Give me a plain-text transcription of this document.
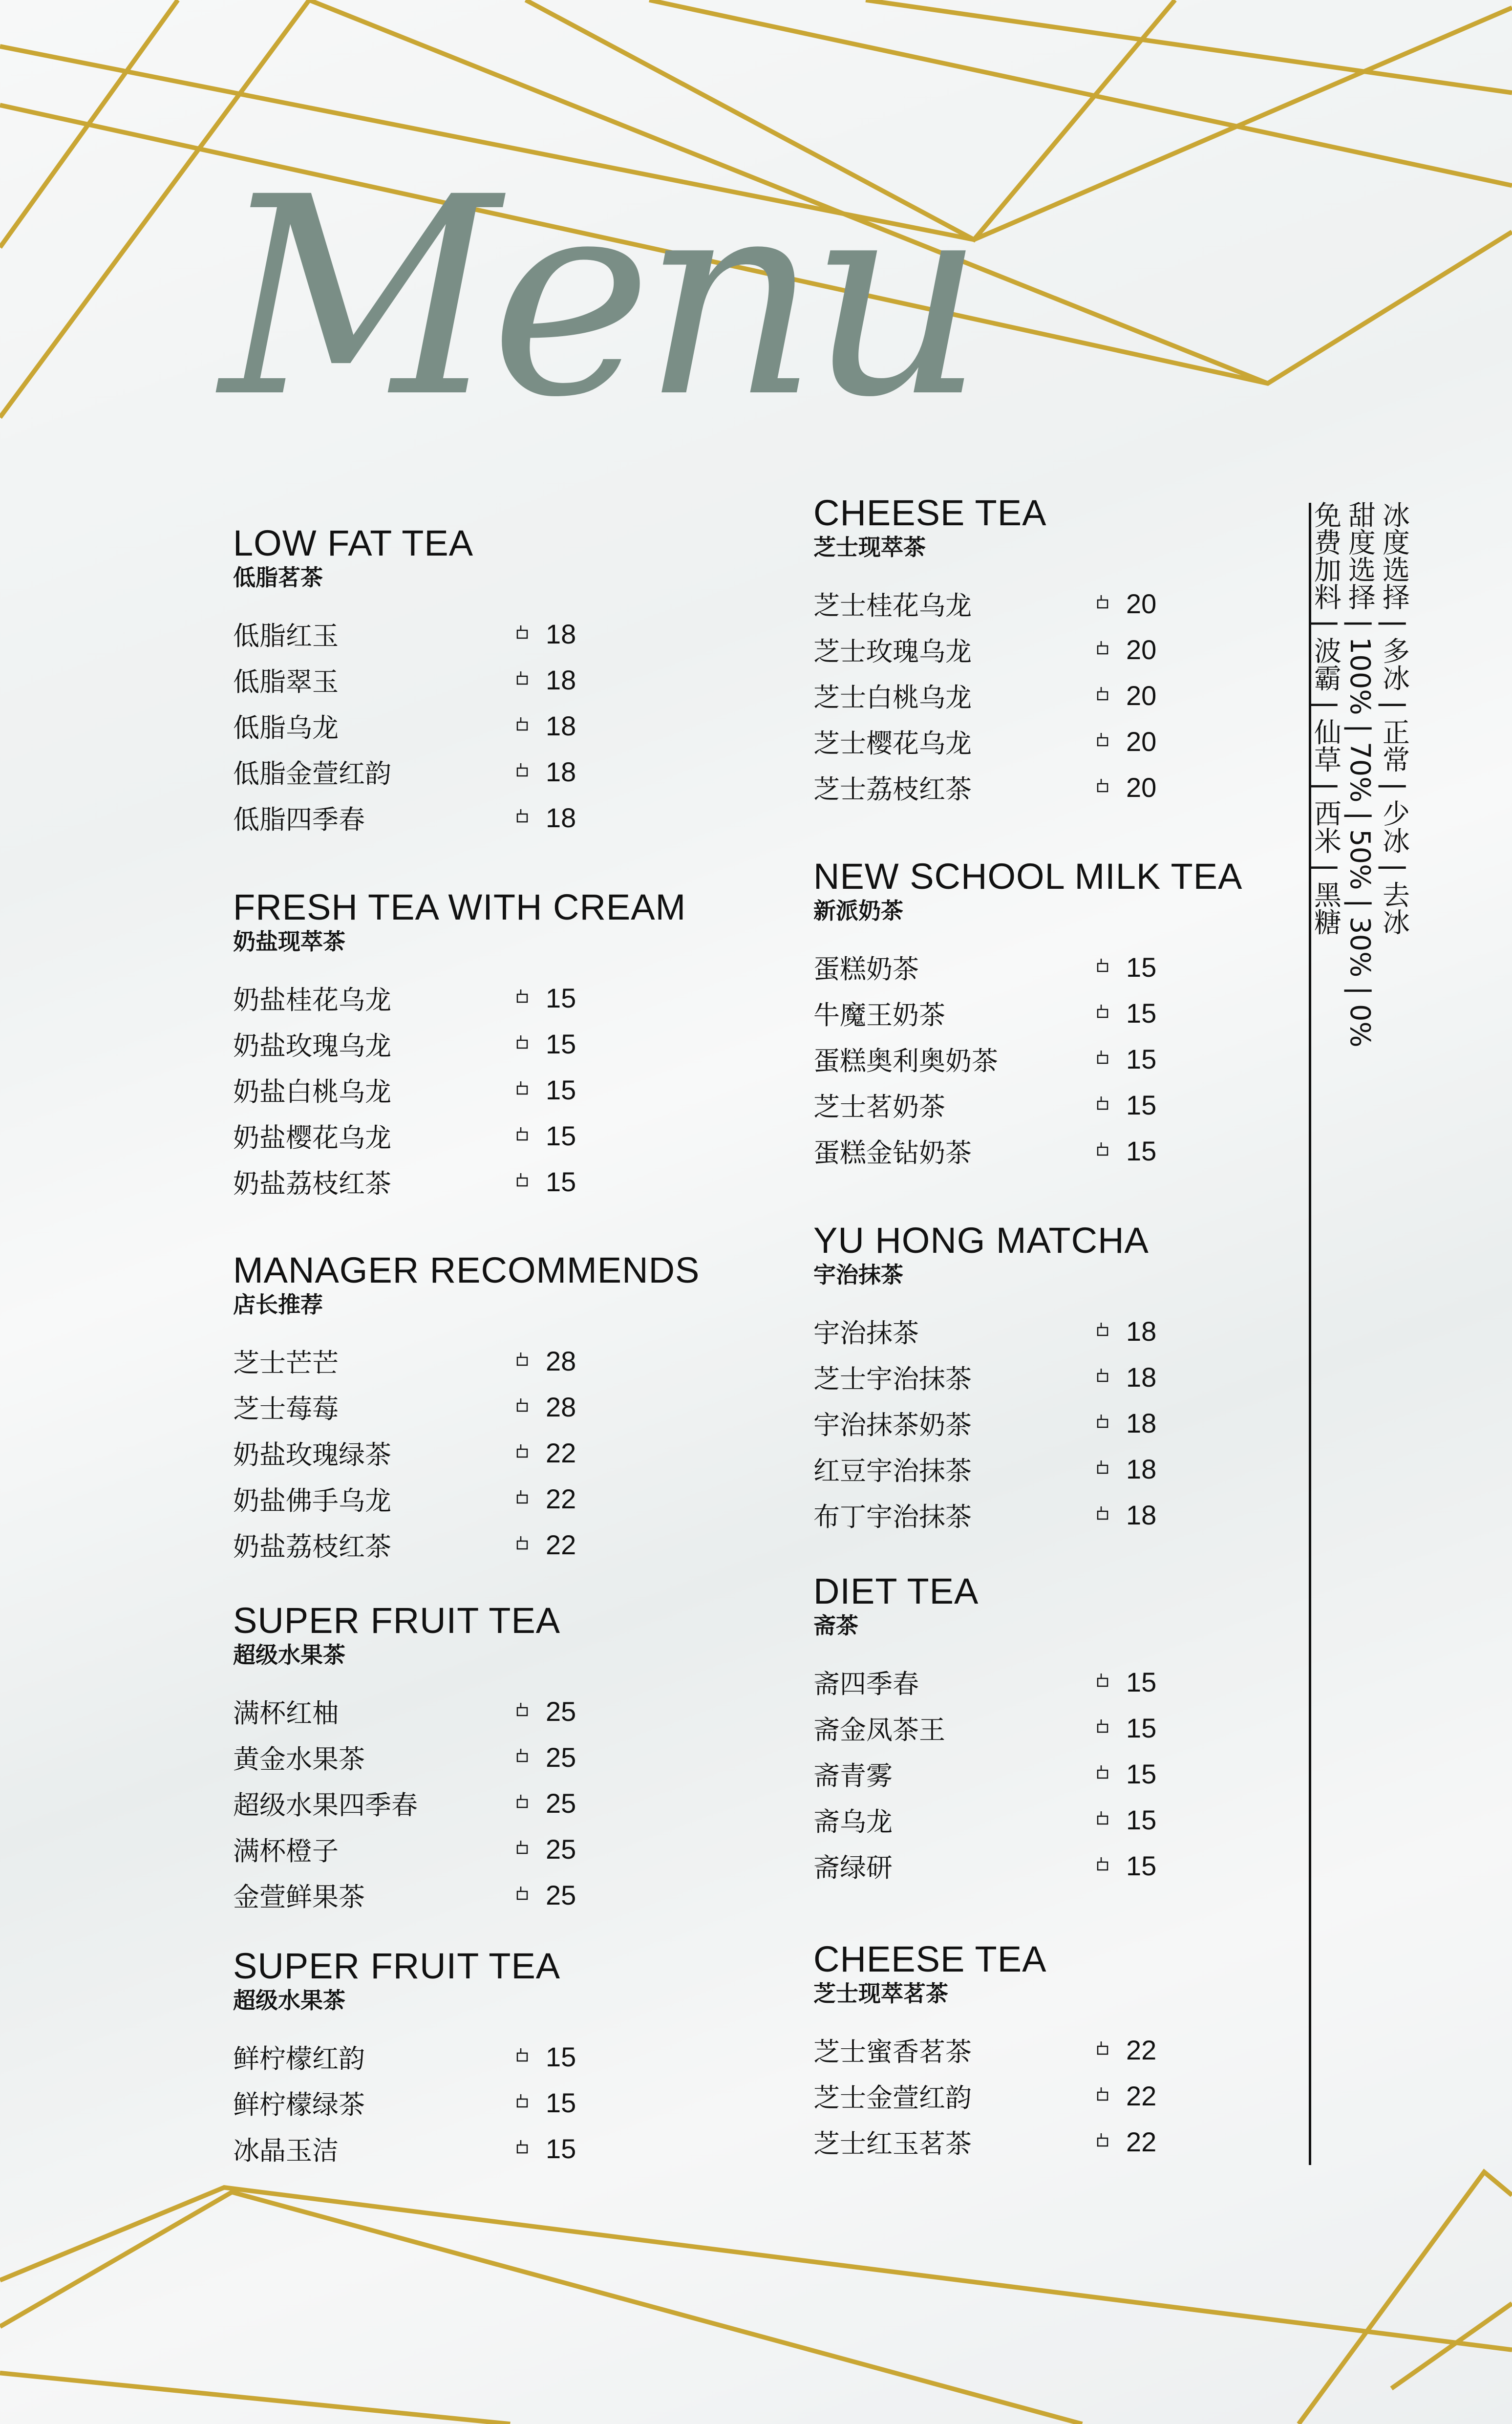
Menu
LOW FAT TEA
低脂茗茶
低脂红玉	18
低脂翠玉	18
低脂乌龙	18
低脂金萱红韵	18
低脂四季春	18
FRESH TEA WITH CREAM
奶盐现萃茶
奶盐桂花乌龙	15
奶盐玫瑰乌龙	15
奶盐白桃乌龙	15
奶盐樱花乌龙	15
奶盐荔枝红茶	15
MANAGER RECOMMENDS
店长推荐
芝士芒芒	28
芝士莓莓	28
奶盐玫瑰绿茶	22
奶盐佛手乌龙	22
奶盐荔枝红茶	22
SUPER FRUIT TEA
超级水果茶
满杯红柚	25
黄金水果茶	25
超级水果四季春	25
满杯橙子	25
金萱鲜果茶	25
SUPER FRUIT TEA
超级水果茶
鲜柠檬红韵	15
鲜柠檬绿茶	15
冰晶玉洁	15
CHEESE TEA
芝士现萃茶
芝士桂花乌龙	20
芝士玫瑰乌龙	20
芝士白桃乌龙	20
芝士樱花乌龙	20
芝士荔枝红茶	20
NEW SCHOOL MILK TEA
新派奶茶
蛋糕奶茶	15
牛魔王奶茶	15
蛋糕奥利奥奶茶	15
芝士茗奶茶	15
蛋糕金钻奶茶	15
YU HONG MATCHA
宇治抹茶
宇治抹茶	18
芝士宇治抹茶	18
宇治抹茶奶茶	18
红豆宇治抹茶	18
布丁宇治抹茶	18
DIET TEA
斋茶
斋四季春	15
斋金凤茶王	15
斋青雾	15
斋乌龙	15
斋绿研	15
CHEESE TEA
芝士现萃茗茶
芝士蜜香茗茶	22
芝士金萱红韵	22
芝士红玉茗茶	22
冰度选择 | 多冰 | 正常 | 少冰 | 去冰
甜度选择 | 100% | 70% | 50% | 30% | 0%
免费加料 | 波霸 | 仙草 | 西米 | 黑糖
